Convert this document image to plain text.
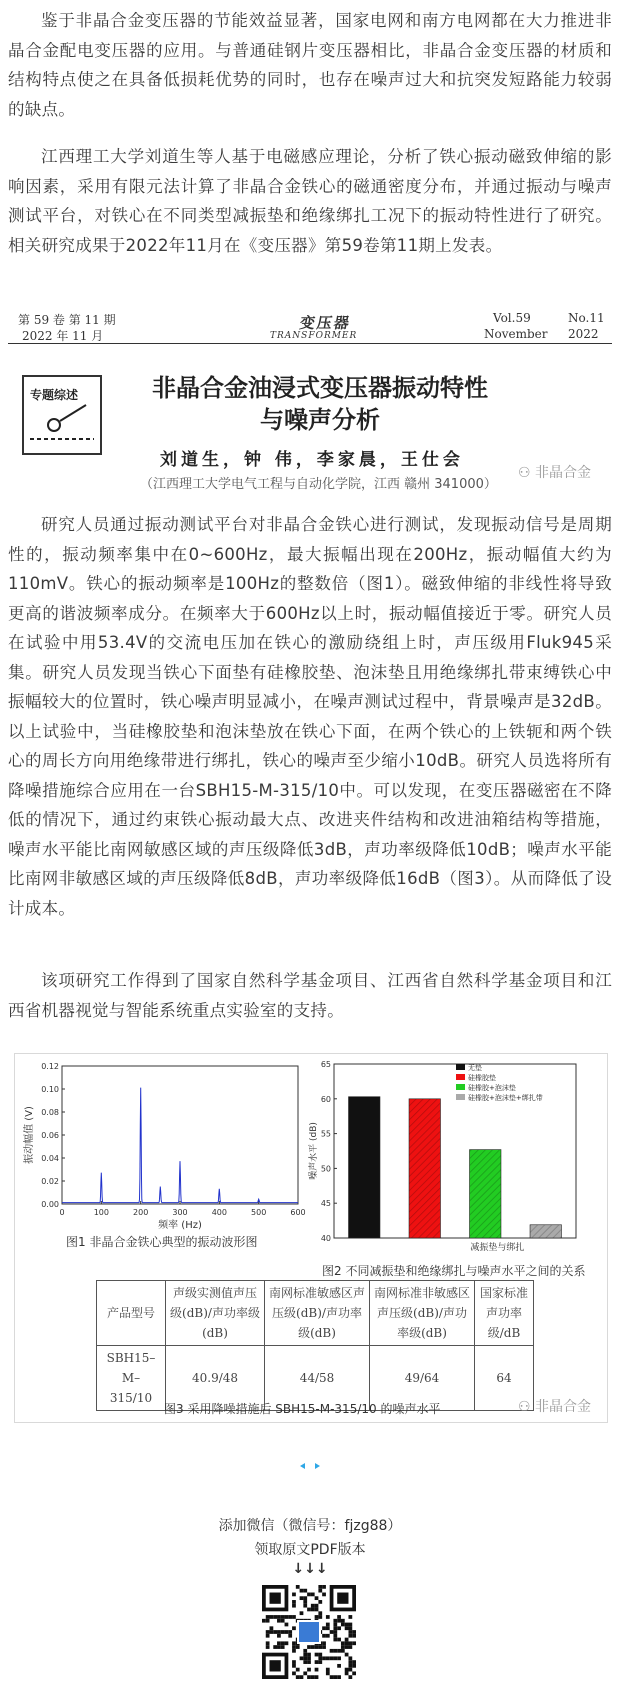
鉴于非晶合金变压器的节能效益显著，国家电网和南方电网都在大力推进非晶合金配电变压器的应用。与普通硅钢片变压器相比，非晶合金变压器的材质和结构特点使之在具备低损耗优势的同时，也存在噪声过大和抗突发短路能力较弱的缺点。

江西理工大学刘道生等人基于电磁感应理论，分析了铁心振动磁致伸缩的影响因素，采用有限元法计算了非晶合金铁心的磁通密度分布，并通过振动与噪声测试平台，对铁心在不同类型减振垫和绝缘绑扎工况下的振动特性进行了研究。相关研究成果于2022年11月在《变压器》第59卷第11期上发表。

第 59 卷 第 11 期
2022 年 11 月
变压器
TRANSFORMER
Vol.59	No.11
November 2022
专题综述	非晶合金油浸式变压器振动特性
与噪声分析
刘道生，钟 伟，李家晨，王仕会
（江西理工大学电气工程与自动化学院，江西 赣州 341000）
⚇ 非晶合金

研究人员通过振动测试平台对非晶合金铁心进行测试，发现振动信号是周期性的，振动频率集中在0~600Hz，最大振幅出现在200Hz，振动幅值大约为110mV。铁心的振动频率是100Hz的整数倍（图1）。磁致伸缩的非线性将导致更高的谐波频率成分。在频率大于600Hz以上时，振动幅值接近于零。研究人员在试验中用53.4V的交流电压加在铁心的激励绕组上时，声压级用Fluk945采集。研究人员发现当铁心下面垫有硅橡胶垫、泡沫垫且用绝缘绑扎带束缚铁心中振幅较大的位置时，铁心噪声明显减小，在噪声测试过程中，背景噪声是32dB。以上试验中，当硅橡胶垫和泡沫垫放在铁心下面，在两个铁心的上铁轭和两个铁心的周长方向用绝缘带进行绑扎，铁心的噪声至少缩小10dB。研究人员选将所有降噪措施综合应用在一台SBH15-M-315/10中。可以发现，在变压器磁密在不降低的情况下，通过约束铁心振动最大点、改进夹件结构和改进油箱结构等措施，噪声水平能比南网敏感区域的声压级降低3dB，声功率级降低10dB；噪声水平能比南网非敏感区域的声压级降低8dB，声功率级降低16dB（图3）。从而降低了设计成本。

该项研究工作得到了国家自然科学基金项目、江西省自然科学基金项目和江西省机器视觉与智能系统重点实验室的支持。

0.00
0.02
0.04
0.06
0.08
0.10
0.12
0	100	200	300	400	500	600
振动幅值 (V)
频率 (Hz)
图1 非晶合金铁心典型的振动波形图	40
45
50
55
60
65	无垫
硅橡胶垫
硅橡胶+泡沫垫
硅橡胶+泡沫垫+绑扎带
噪声水平 (dB)
减振垫与绑扎
图2 不同减振垫和绝缘绑扎与噪声水平之间的关系
产品型号	声级实测值声压级(dB)/声功率级(dB)	南网标准敏感区声压级(dB)/声功率级(dB)	南网标准非敏感区声压级(dB)/声功率级(dB)	国家标准声功率级/dB
SBH15–M–315/10	40.9/48	44/58	49/64	64
图3 采用降噪措施后 SBH15-M-315/10 的噪声水平	⚇ 非晶合金
添加微信（微信号：fjzg88）
领取原文PDF版本
↓↓↓
